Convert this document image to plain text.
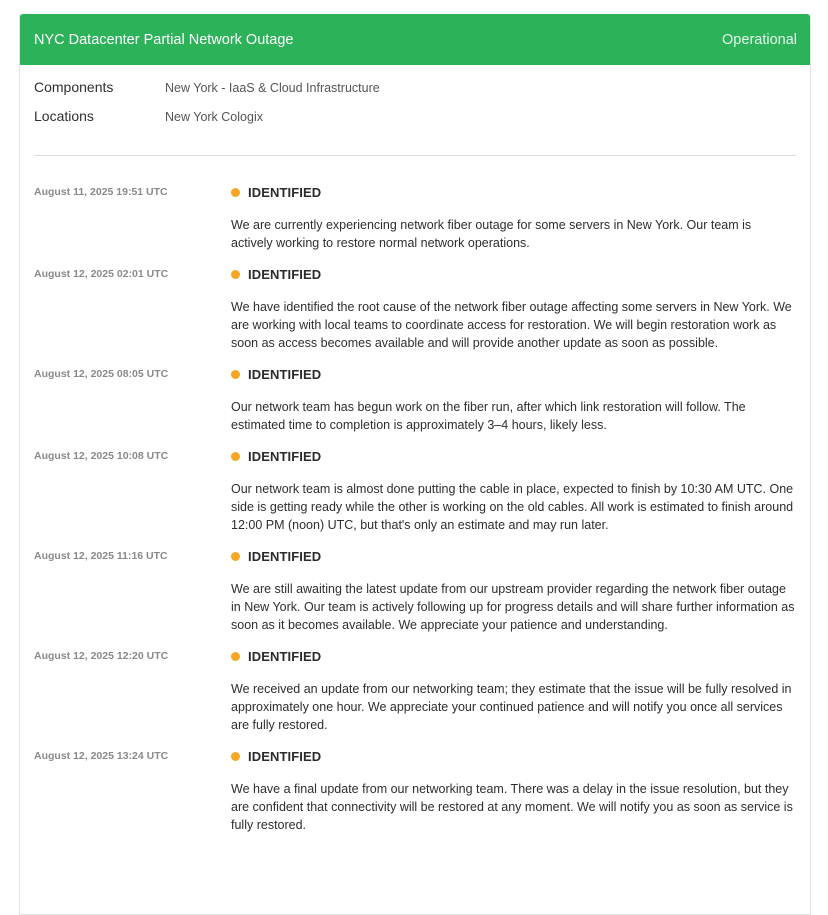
NYC Datacenter Partial Network Outage	Operational
Components	New York - IaaS & Cloud Infrastructure
Locations	New York Cologix
August 11, 2025 19:51 UTC	IDENTIFIED
We are currently experiencing network fiber outage for some servers in New York. Our team is actively working to restore normal network operations.
August 12, 2025 02:01 UTC	IDENTIFIED
We have identified the root cause of the network fiber outage affecting some servers in New York. We are working with local teams to coordinate access for restoration. We will begin restoration work as soon as access becomes available and will provide another update as soon as possible.
August 12, 2025 08:05 UTC	IDENTIFIED
Our network team has begun work on the fiber run, after which link restoration will follow. The estimated time to completion is approximately 3–4 hours, likely less.
August 12, 2025 10:08 UTC	IDENTIFIED
Our network team is almost done putting the cable in place, expected to finish by 10:30 AM UTC. One side is getting ready while the other is working on the old cables. All work is estimated to finish around 12:00 PM (noon) UTC, but that's only an estimate and may run later.
August 12, 2025 11:16 UTC	IDENTIFIED
We are still awaiting the latest update from our upstream provider regarding the network fiber outage in New York. Our team is actively following up for progress details and will share further information as soon as it becomes available. We appreciate your patience and understanding.
August 12, 2025 12:20 UTC	IDENTIFIED
We received an update from our networking team; they estimate that the issue will be fully resolved in approximately one hour. We appreciate your continued patience and will notify you once all services are fully restored.
August 12, 2025 13:24 UTC	IDENTIFIED
We have a final update from our networking team. There was a delay in the issue resolution, but they are confident that connectivity will be restored at any moment. We will notify you as soon as service is fully restored.
